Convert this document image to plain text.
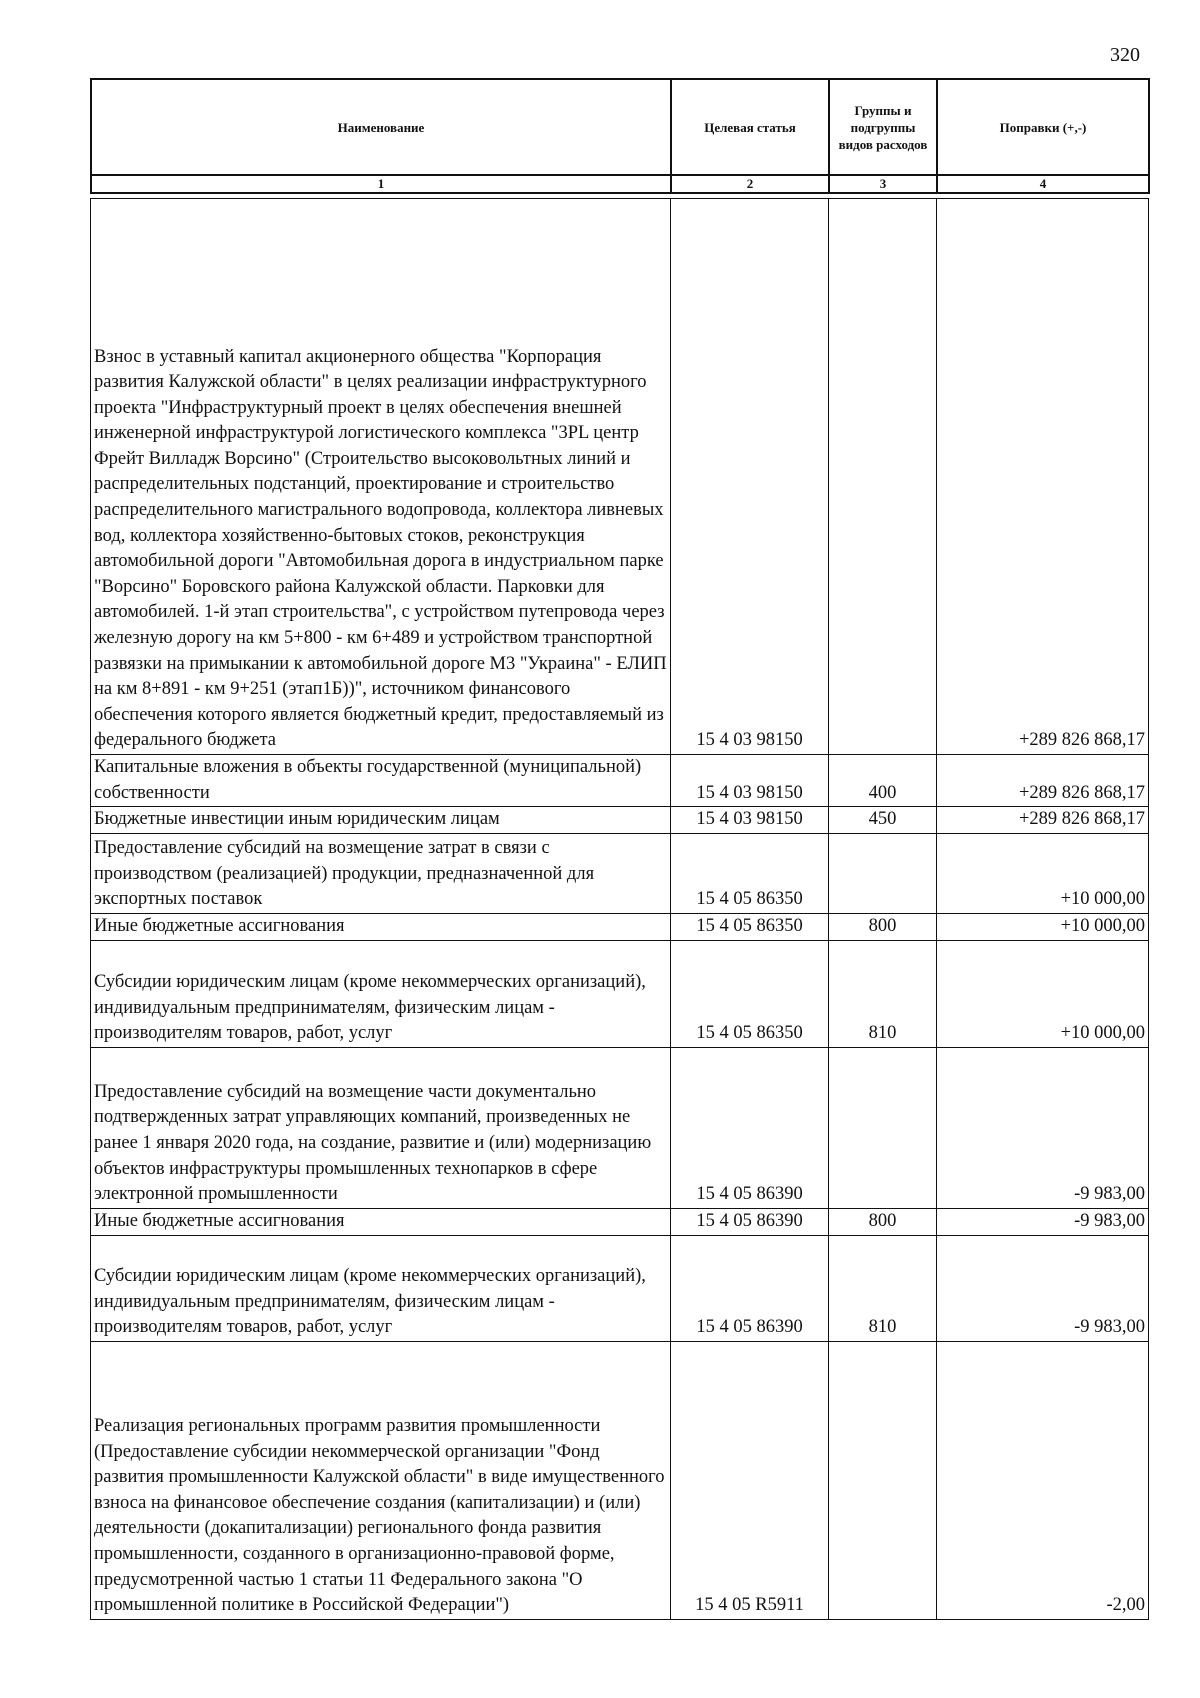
320
Наименование	Целевая статья	Группы и подгруппы видов расходов	Поправки (+,-)
1	2	3	4
Взнос в уставный капитал акционерного общества "Корпорация развития Калужской области" в целях реализации инфраструктурного проекта "Инфраструктурный проект в целях обеспечения внешней инженерной инфраструктурой логистического комплекса "3PL центр Фрейт Вилладж Ворсино" (Строительство высоковольтных линий и распределительных подстанций, проектирование и строительство распределительного магистрального водопровода, коллектора ливневых вод, коллектора хозяйственно-бытовых стоков, реконструкция автомобильной дороги "Автомобильная дорога в индустриальном парке "Ворсино" Боровского района Калужской области. Парковки для автомобилей. 1-й этап строительства", с устройством путепровода через железную дорогу на км 5+800 - км 6+489 и устройством транспортной развязки на примыкании к автомобильной дороге М3 "Украина" - ЕЛИП на км 8+891 - км 9+251 (этап1Б))", источником финансового обеспечения которого является бюджетный кредит, предоставляемый из федерального бюджета	15 4 03 98150		+289 826 868,17
Капитальные вложения в объекты государственной (муниципальной) собственности	15 4 03 98150	400	+289 826 868,17
Бюджетные инвестиции иным юридическим лицам	15 4 03 98150	450	+289 826 868,17
Предоставление субсидий на возмещение затрат в связи с производством (реализацией) продукции, предназначенной для экспортных поставок	15 4 05 86350		+10 000,00
Иные бюджетные ассигнования	15 4 05 86350	800	+10 000,00
Субсидии юридическим лицам (кроме некоммерческих организаций), индивидуальным предпринимателям, физическим лицам - производителям товаров, работ, услуг	15 4 05 86350	810	+10 000,00
Предоставление субсидий на возмещение части документально подтвержденных затрат управляющих компаний, произведенных не ранее 1 января 2020 года, на создание, развитие и (или) модернизацию объектов инфраструктуры промышленных технопарков в сфере электронной промышленности	15 4 05 86390		-9 983,00
Иные бюджетные ассигнования	15 4 05 86390	800	-9 983,00
Субсидии юридическим лицам (кроме некоммерческих организаций), индивидуальным предпринимателям, физическим лицам - производителям товаров, работ, услуг	15 4 05 86390	810	-9 983,00
Реализация региональных программ развития промышленности (Предоставление субсидии некоммерческой организации "Фонд развития промышленности Калужской области" в виде имущественного взноса на финансовое обеспечение создания (капитализации) и (или) деятельности (докапитализации) регионального фонда развития промышленности, созданного в организационно-правовой форме, предусмотренной частью 1 статьи 11 Федерального закона "О промышленной политике в Российской Федерации")	15 4 05 R5911		-2,00
